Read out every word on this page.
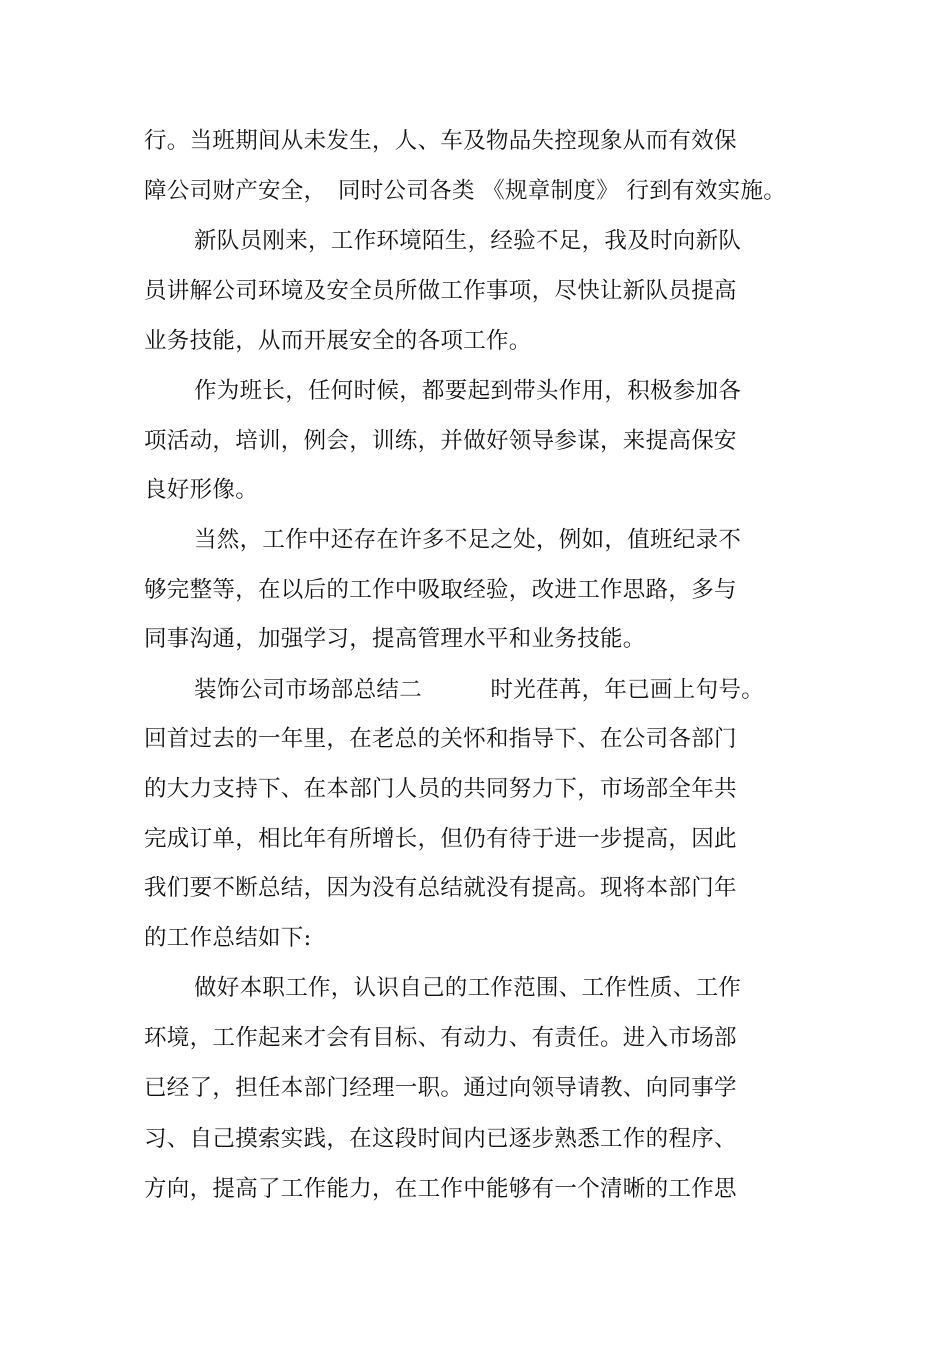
行。当班期间从未发生，人、车及物品失控现象从而有效保
障公司财产安全，　同时公司各类 《规章制度》 行到有效实施。
新队员刚来，工作环境陌生，经验不足，我及时向新队
员讲解公司环境及安全员所做工作事项，尽快让新队员提高
业务技能，从而开展安全的各项工作。
作为班长，任何时候，都要起到带头作用，积极参加各
项活动，培训，例会，训练，并做好领导参谋，来提高保安
良好形像。
当然，工作中还存在许多不足之处，例如，值班纪录不
够完整等，在以后的工作中吸取经验，改进工作思路，多与
同事沟通，加强学习，提高管理水平和业务技能。
装饰公司市场部总结二　　　时光荏苒，年已画上句号。
回首过去的一年里，在老总的关怀和指导下、在公司各部门
的大力支持下、在本部门人员的共同努力下，市场部全年共
完成订单，相比年有所增长，但仍有待于进一步提高，因此
我们要不断总结，因为没有总结就没有提高。现将本部门年
的工作总结如下:
做好本职工作，认识自己的工作范围、工作性质、工作
环境，工作起来才会有目标、有动力、有责任。进入市场部
已经了，担任本部门经理一职。通过向领导请教、向同事学
习、自己摸索实践，在这段时间内已逐步熟悉工作的程序、
方向，提高了工作能力，在工作中能够有一个清晰的工作思
